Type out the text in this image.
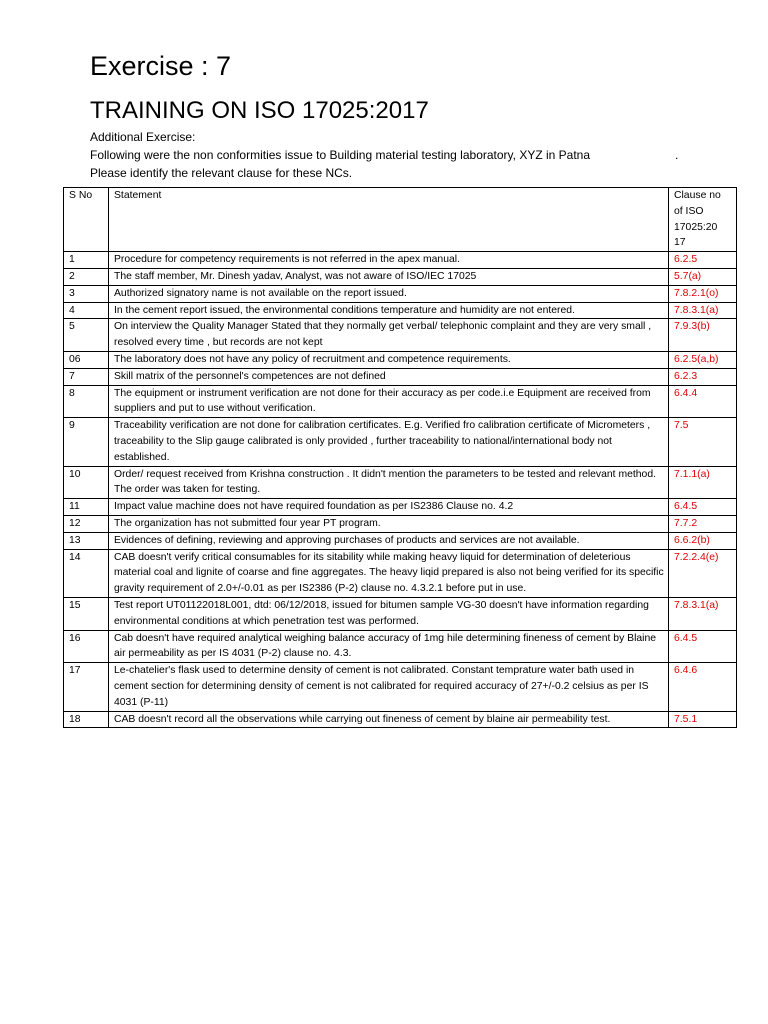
Exercise : 7
TRAINING ON ISO 17025:2017
Additional Exercise:
Following were the non conformities issue to Building material testing laboratory, XYZ in Patna	.
Please identify the relevant clause for these NCs.
S No	Statement	Clause no
of ISO
17025:20
17

1	Procedure for competency requirements is not referred in the apex manual.	6.2.5
2	The staff member, Mr. Dinesh yadav, Analyst, was not aware of ISO/IEC 17025	5.7(a)
3	Authorized signatory name is not available on the report issued.	7.8.2.1(o)
4	In the cement report issued, the environmental conditions temperature and humidity are not entered.	7.8.3.1(a)
5	On interview the Quality Manager Stated that they normally get verbal/ telephonic complaint and they are very small , resolved every time , but records are not kept	7.9.3(b)
06	The laboratory does not have any policy of recruitment and competence requirements.	6.2.5(a,b)
7	Skill matrix of the personnel's competences are not defined	6.2.3
8	The equipment or instrument verification are not done for their accuracy as per code.i.e Equipment are received from suppliers and put to use without verification.	6.4.4
9	Traceability verification are not done for calibration certificates. E.g. Verified fro calibration certificate of Micrometers , traceability to the Slip gauge calibrated is only provided , further traceability to national/international body not established.	7.5
10	Order/ request received from Krishna construction . It didn't mention the parameters to be tested and relevant method. The order was taken for testing.	7.1.1(a)
11	Impact value machine does not have required foundation as per IS2386 Clause no. 4.2	6.4.5
12	The organization has not submitted four year PT program.	7.7.2
13	Evidences of defining, reviewing and approving purchases of products and services are not available.	6.6.2(b)
14	CAB doesn't verify critical consumables for its sitability while making heavy liquid for determination of deleterious material coal and lignite of coarse and fine aggregates. The heavy liqid prepared is also not being verified for its specific gravity requirement of 2.0+/-0.01 as per IS2386 (P-2) clause no. 4.3.2.1 before put in use.	7.2.2.4(e)
15	Test report UT01122018L001, dtd: 06/12/2018, issued for bitumen sample VG-30 doesn't have information regarding environmental conditions at which penetration test was performed.	7.8.3.1(a)
16	Cab doesn't have required analytical weighing balance accuracy of 1mg hile determining fineness of cement by Blaine air permeability as per IS 4031 (P-2) clause no. 4.3.	6.4.5
17	Le-chatelier's flask used to determine density of cement is not calibrated. Constant temprature water bath used in cement section for determining density of cement is not calibrated for required accuracy of 27+/-0.2 celsius as per IS 4031 (P-11)	6.4.6
18	CAB doesn't record all the observations while carrying out fineness of cement by blaine air permeability test.	7.5.1
